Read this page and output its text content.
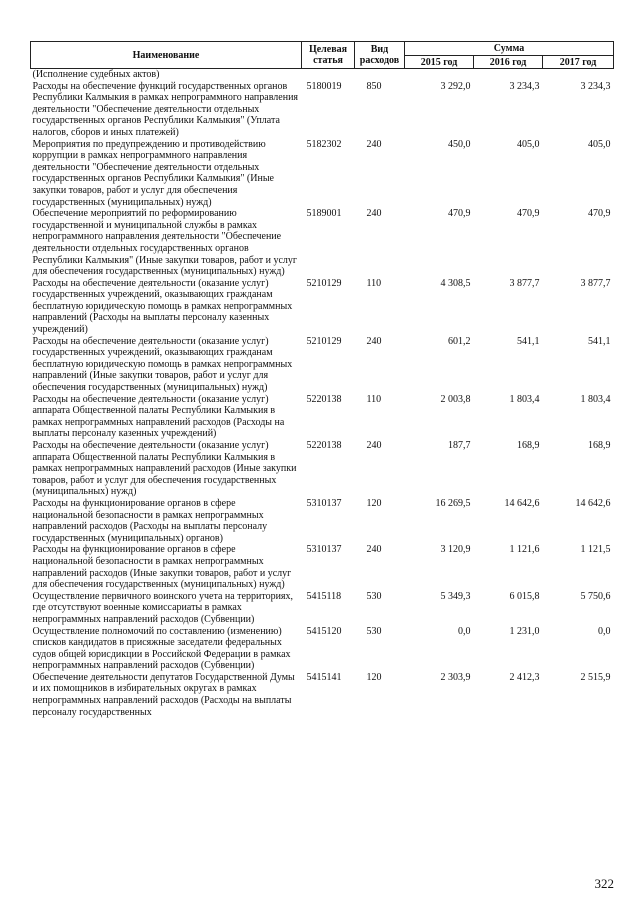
Наименование	Целевая статья	Вид расходов	Сумма		
			2015 год	2016 год	2017 год
(Исполнение судебных актов)					
Расходы на обеспечение функций государственных органов Республики Калмыкия в рамках непрограммного направления деятельности "Обеспечение деятельности отдельных государственных органов Республики Калмыкия" (Уплата налогов, сборов и иных платежей)	5180019	850	3 292,0	3 234,3	3 234,3
Мероприятия по предупреждению и противодействию коррупции в рамках непрограммного направления деятельности "Обеспечение деятельности отдельных государственных органов Республики Калмыкия" (Иные закупки товаров, работ и услуг для обеспечения государственных (муниципальных) нужд)	5182302	240	450,0	405,0	405,0
Обеспечение мероприятий по реформированию государственной и муниципальной службы в рамках непрограммного направления деятельности "Обеспечение деятельности отдельных государственных органов Республики Калмыкия" (Иные закупки товаров, работ и услуг для обеспечения государственных (муниципальных) нужд)	5189001	240	470,9	470,9	470,9
Расходы на обеспечение деятельности (оказание услуг) государственных учреждений, оказывающих гражданам бесплатную юридическую помощь в рамках непрограммных направлений (Расходы на выплаты персоналу казенных учреждений)	5210129	110	4 308,5	3 877,7	3 877,7
Расходы на обеспечение деятельности (оказание услуг) государственных учреждений, оказывающих гражданам бесплатную юридическую помощь в рамках непрограммных направлений (Иные закупки товаров, работ и услуг для обеспечения государственных (муниципальных) нужд)	5210129	240	601,2	541,1	541,1
Расходы на обеспечение деятельности (оказание услуг) аппарата Общественной палаты Республики Калмыкия в рамках непрограммных направлений расходов (Расходы на выплаты персоналу казенных учреждений)	5220138	110	2 003,8	1 803,4	1 803,4
Расходы на обеспечение деятельности (оказание услуг) аппарата Общественной палаты Республики Калмыкия в рамках непрограммных направлений расходов (Иные закупки товаров, работ и услуг для обеспечения государственных (муниципальных) нужд)	5220138	240	187,7	168,9	168,9
Расходы на функционирование органов в сфере национальной безопасности в рамках непрограммных направлений расходов (Расходы на выплаты персоналу государственных (муниципальных) органов)	5310137	120	16 269,5	14 642,6	14 642,6
Расходы на функционирование органов в сфере национальной безопасности в рамках непрограммных направлений расходов (Иные закупки товаров, работ и услуг для обеспечения государственных (муниципальных) нужд)	5310137	240	3 120,9	1 121,6	1 121,5
Осуществление первичного воинского учета на территориях, где отсутствуют военные комиссариаты в рамках непрограммных направлений расходов (Субвенции)	5415118	530	5 349,3	6 015,8	5 750,6
Осуществление полномочий по составлению (изменению) списков кандидатов в присяжные заседатели федеральных судов общей юрисдикции в Российской Федерации в рамках непрограммных направлений расходов (Субвенции)	5415120	530	0,0	1 231,0	0,0
Обеспечение деятельности депутатов Государственной Думы и их помощников в избирательных округах в рамках непрограммных направлений расходов (Расходы на выплаты персоналу государственных	5415141	120	2 303,9	2 412,3	2 515,9
322
